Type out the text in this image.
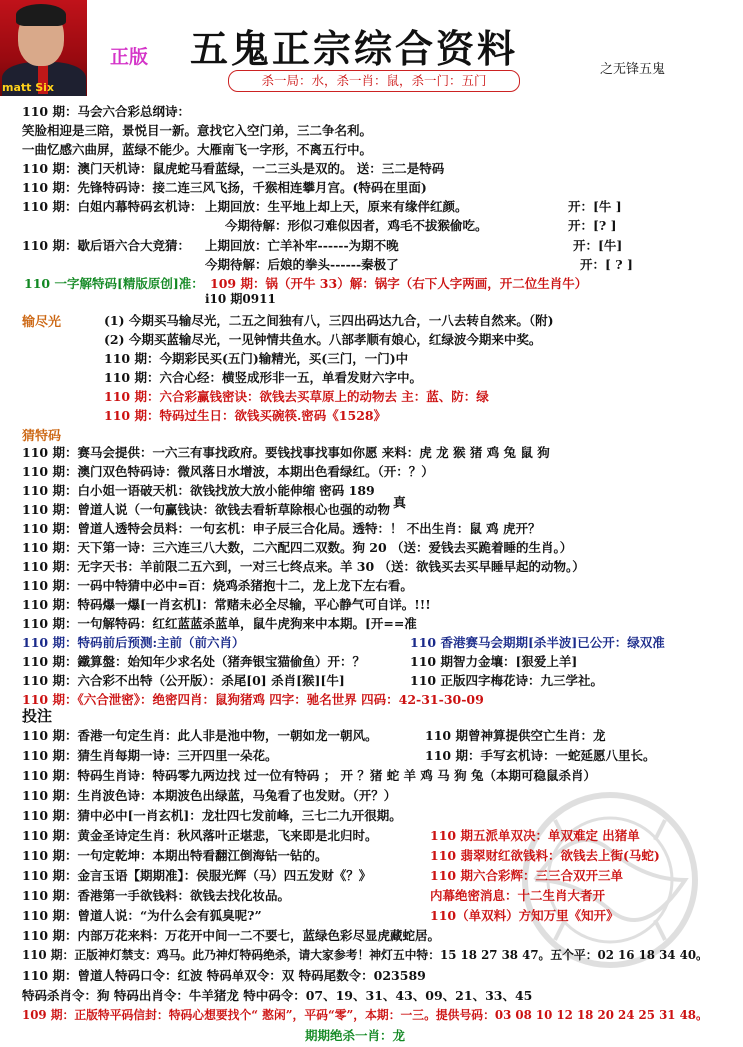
matt Six
正版 五鬼正宗综合资料	之无锋五鬼
杀一局：水，杀一肖：鼠，杀一门：五门
110 期：马会六合彩总纲诗：
笑脸相迎是三陪，景悦目一新。意找它入空门弟，三二争名利。
一曲忆感六曲屏，蓝绿不能少。大雁南飞一字形，不离五行中。
110 期：澳门天机诗：鼠虎蛇马看蓝绿，一二三头是双的。 送：三二是特码
110 期：先锋特码诗：接二连三风飞扬，千猴相连攀月宫。(特码在里面)
110 期：白姐内幕特码玄机诗： 上期回放：生平地上却上天，原来有缘伴红颜。	开：[牛 ]
今期待解：形似刁难似因者，鸡毛不拔猴偷吃。	开：[? ]
110 期：歇后语六合大竞猜： 上期回放：亡羊补牢------为期不晚	开：[牛]
今期待解：后娘的拳头------秦极了	开：[ ? ]
110 一字解特码[精版原创]准： 109 期：锅（开牛 33）解：锅字（右下人字两画，开二位生肖牛）
i10 期0911
输尽光	(1) 今期买马输尽光，二五之间独有八，三四出码达九合，一八去转自然来。（附)
(2) 今期买蓝输尽光，一见钟情共鱼水。八部孝顺有娘心，红绿波今期来中奖。
110 期：今期彩民买(五门)输精光，买(三门，一门)中
110 期：六合心经：横竖成形非一五，单看发财六字中。
110 期：六合彩赢钱密诀：欲钱去买草原上的动物去 主：蓝、防：绿
110 期：特码过生日：欲钱买碗筷.密码《1528》
猜特码
110 期：赛马会提供：一六三有事找政府。要钱找事找事如你愿 来料：虎 龙 猴 猪 鸡 兔 鼠 狗
110 期：澳门双色特码诗：微风落日水增波，本期出色看绿红。（开：？）
110 期：白小姐一语破天机：欲钱找放大放小能伸缩 密码 189
真
110 期：曾道人说（一句赢钱诀：欲钱去看斩草除根心也强的动物
110 期：曾道人透特会员料：一句玄机：申子辰三合化局。透特：！ 不出生肖：鼠 鸡 虎开？
110 期：天下第一诗：三六连三八大数，二六配四二双数。狗 20 （送：爱钱去买跪着睡的生肖。）
110 期：无字天书：羊前限二五六到，一对三七终点来。羊 30 （送：欲钱买去买早睡早起的动物。）
110 期：一码中特猜中必中=百：烧鸡杀猪抱十二，龙上龙下左右看。
110 期：特码爆一爆[一肖玄机]：常赌未必全尽输，平心静气可自详。!!!
110 期：一句解特码：红红蓝蓝杀蓝单，鼠牛虎狗来中本期。[开==准
110 期：特码前后预测:主前（前六肖）	110 香港赛马会期期[杀半波]已公开：绿双准
110 期：鐵算盤：始知年少求名处（猪奔银宝猫偷鱼）开：？	110 期智力金壤：[狠爱上羊]
110 期：六合彩不出特（公开版）：杀尾[0] 杀肖[猴][牛]	110 正版四字梅花诗：九三学社。
110 期：《六合泄密》：绝密四肖：鼠狗猪鸡 四字：驰名世界 四码：42-31-30-09
投注
110 期：香港一句定生肖：此人非是池中物，一朝如龙一朝风。	110 期曾神算提供空亡生肖：龙
110 期：猜生肖每期一诗：三开四里一朵花。	110 期：手写玄机诗：一蛇延愿八里长。
110 期：特码生肖诗：特码零九两边找 过一位有特码 ； 开 ？猪 蛇 羊 鸡 马 狗 兔（本期可稳鼠杀肖）
110 期：生肖波色诗：本期波色出绿蓝，马兔看了也发财。（开？）
110 期：猜中必中[一肖玄机]：龙壮四七发前峰，三七二九开很期。
110 期：黄金圣诗定生肖：秋风落叶正堪悲，飞来即是北归时。	110 期五派单双决：单双难定 出猪单
110 期：一句定乾坤：本期出特看翻江倒海钻一钻的。	110 翡翠财红欲钱料：欲钱去上街(马蛇)
110 期：金言玉语【期期准】：侯服光辉（马）四五发财《？》	110 期六合彩辉：三三合双开三单
110 期：香港第一手欲钱料：欲钱去找化妆品。	内幕绝密消息：十二生肖大者开
110 期：曾道人说：“为什么会有狐臭呢?”	110（单双料）方知万里《知开》
110 期：内部万花来料：万花开中间一二不要七，蓝绿色彩尽显虎藏蛇居。
110 期：正版神灯禁支：鸡马。此乃神灯特码绝杀，请大家参考！神灯五中特：15 18 27 38 47。五个平：02 16 18 34 40。
110 期：曾道人特码口令：红波 特码单双令：双 特码尾数令：023589
特码杀肖令：狗 特码出肖令：牛羊猪龙 特中码令：07、19、31、43、09、21、33、45
109 期：正版特平码信封：特码心想要找个“ 憨闲”，平码“零”，本期：一三。提供号码：03 08 10 12 18 20 24 25 31 48。
期期绝杀一肖：龙
